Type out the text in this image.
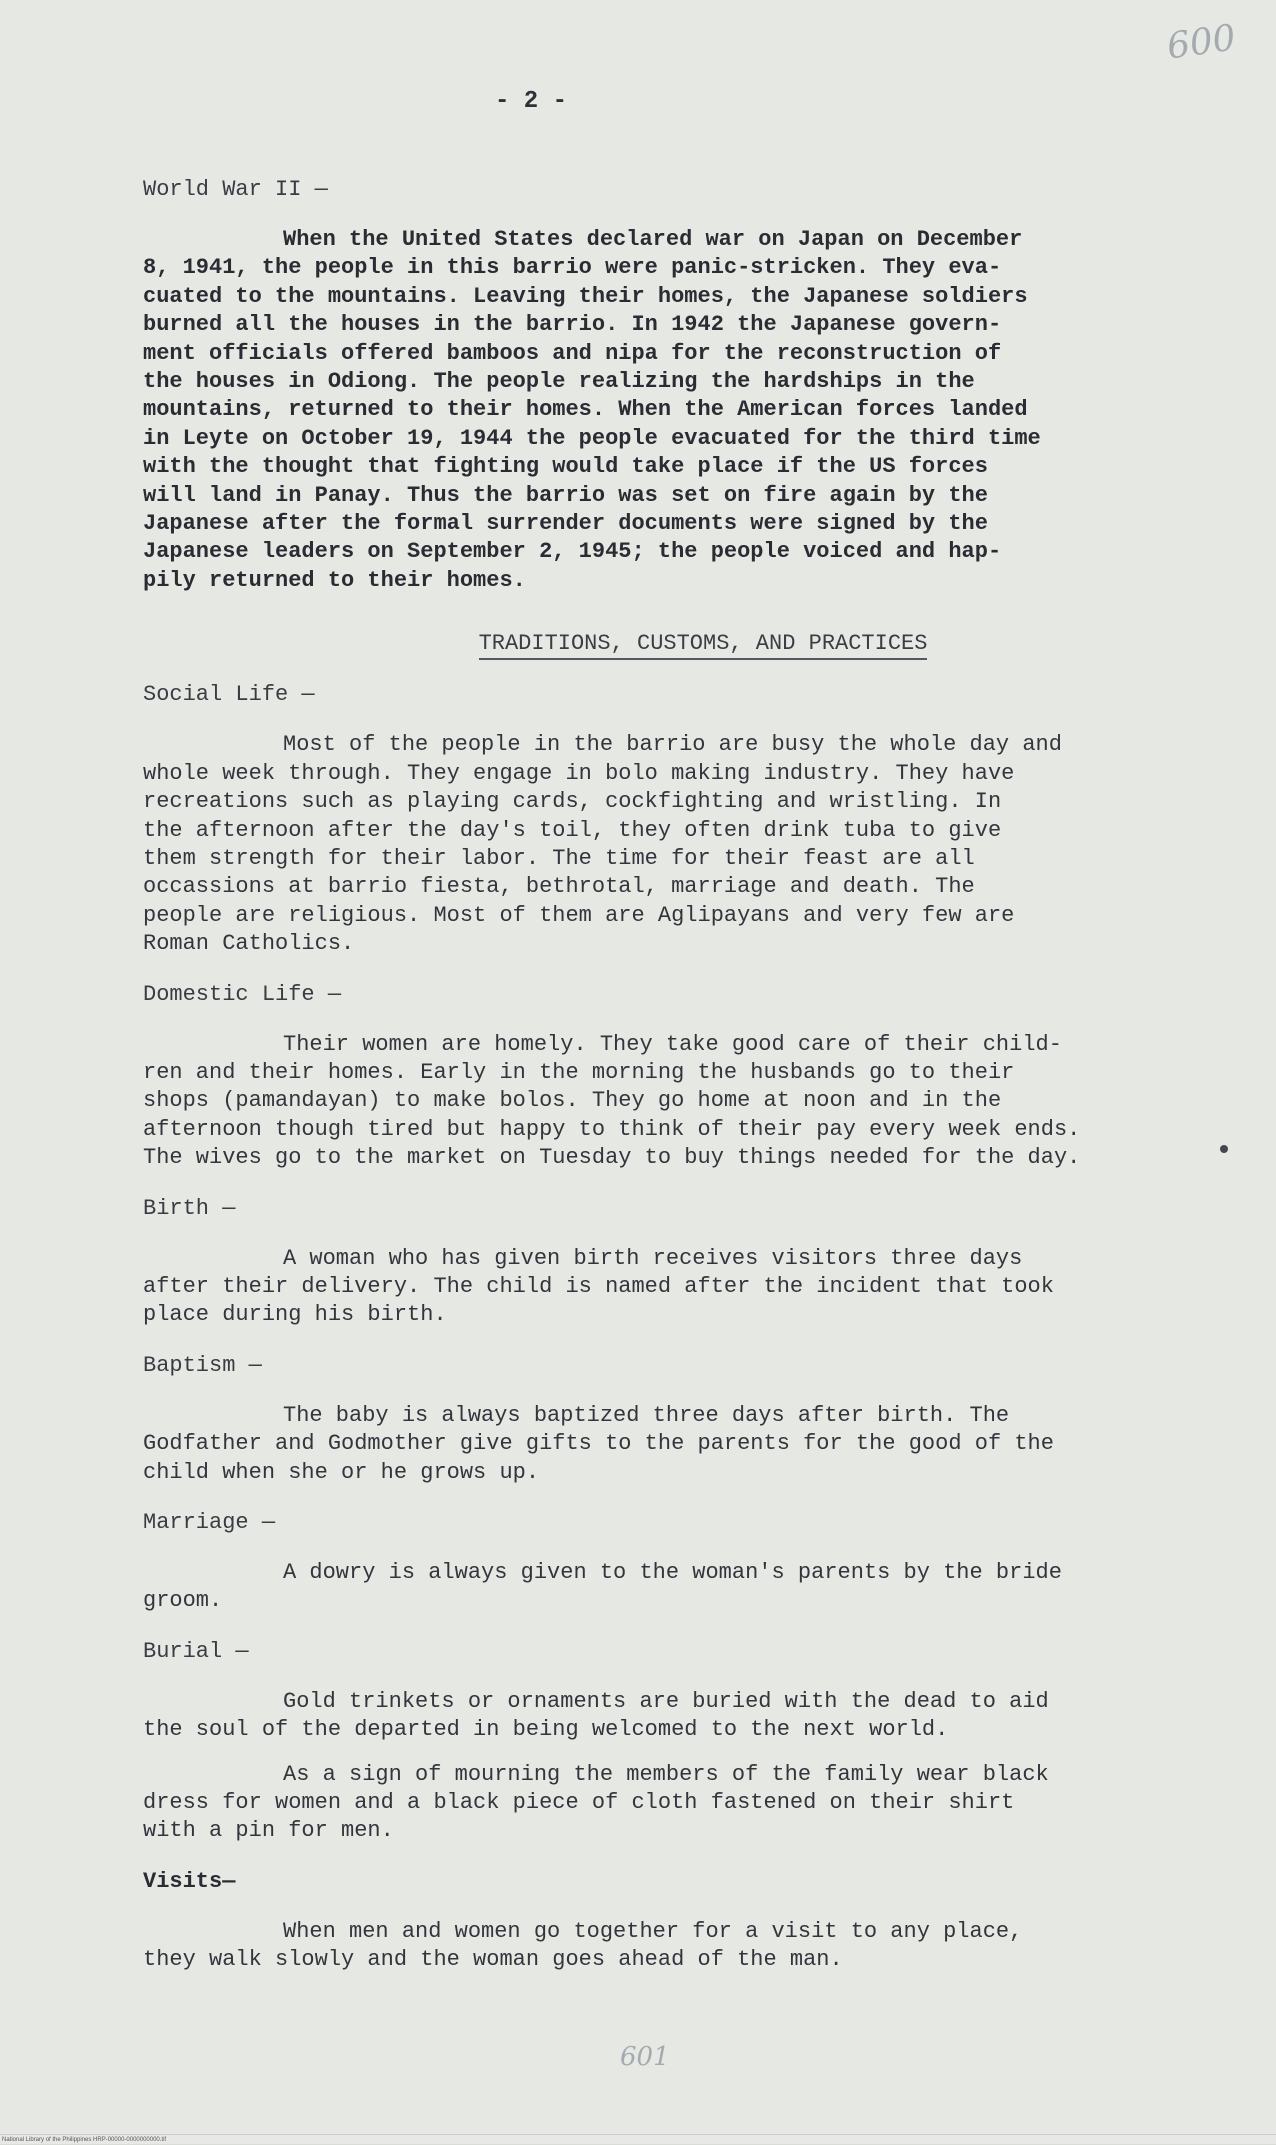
600
- 2 -

World War II —

When the United States declared war on Japan on December
8, 1941, the people in this barrio were panic-stricken. They eva-
cuated to the mountains. Leaving their homes, the Japanese soldiers
burned all the houses in the barrio. In 1942 the Japanese govern-
ment officials offered bamboos and nipa for the reconstruction of
the houses in Odiong. The people realizing the hardships in the
mountains, returned to their homes. When the American forces landed
in Leyte on October 19, 1944 the people evacuated for the third time
with the thought that fighting would take place if the US forces
will land in Panay. Thus the barrio was set on fire again by the
Japanese after the formal surrender documents were signed by the
Japanese leaders on September 2, 1945; the people voiced and hap-
pily returned to their homes.

TRADITIONS, CUSTOMS, AND PRACTICES

Social Life —

Most of the people in the barrio are busy the whole day and
whole week through. They engage in bolo making industry. They have
recreations such as playing cards, cockfighting and wristling. In
the afternoon after the day's toil, they often drink tuba to give
them strength for their labor. The time for their feast are all
occassions at barrio fiesta, bethrotal, marriage and death. The
people are religious. Most of them are Aglipayans and very few are
Roman Catholics.

Domestic Life —

Their women are homely. They take good care of their child-
ren and their homes. Early in the morning the husbands go to their
shops (pamandayan) to make bolos. They go home at noon and in the
afternoon though tired but happy to think of their pay every week ends.
The wives go to the market on Tuesday to buy things needed for the day.

Birth —

A woman who has given birth receives visitors three days
after their delivery. The child is named after the incident that took
place during his birth.

Baptism —

The baby is always baptized three days after birth. The
Godfather and Godmother give gifts to the parents for the good of the
child when she or he grows up.

Marriage —

A dowry is always given to the woman's parents by the bride
groom.

Burial —

Gold trinkets or ornaments are buried with the dead to aid
the soul of the departed in being welcomed to the next world.

As a sign of mourning the members of the family wear black
dress for women and a black piece of cloth fastened on their shirt
with a pin for men.

Visits—

When men and women go together for a visit to any place,
they walk slowly and the woman goes ahead of the man.

601
National Library of the Philippines HRP-00000-0000000000.tif
